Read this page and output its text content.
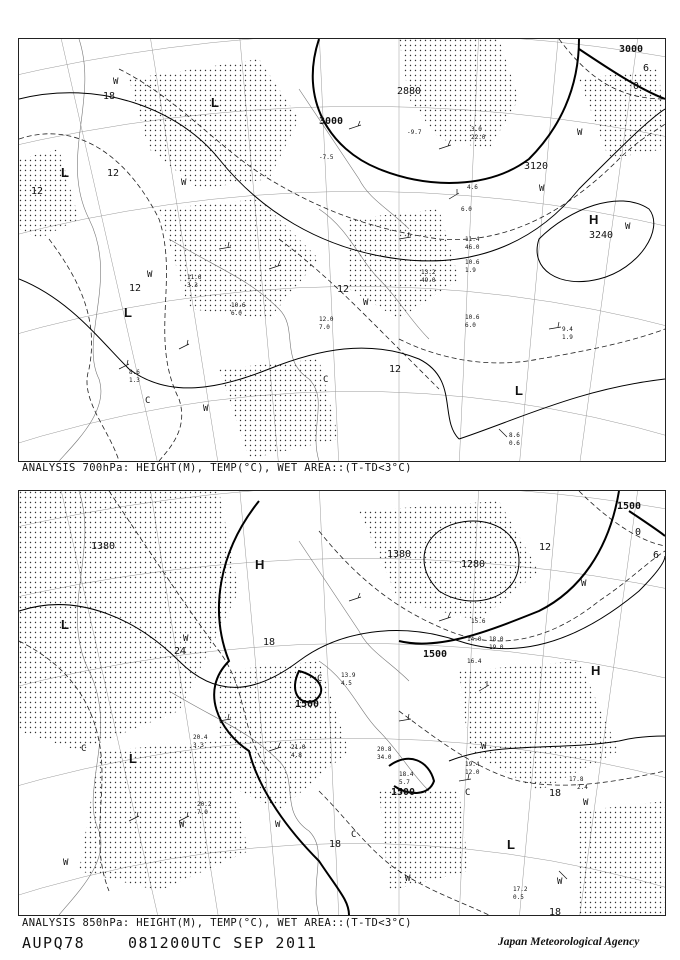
3000
2880
3000
3120
3240
12
18
12
12	12
12
6
0
L
L
L
H
L
W
W
W
W
W
W
W
C
C
W
-7.5
-9.7	3.0
22.0
4.6
6.0
11.4
46.0
10.6
1.9
13.2
49.0
8.6
0.6
9.4
1.9
10.6
6.0
11.6
3.3
10.6
6.0
8.6
1.3
12.0
7.0
ANALYSIS 700hPa: HEIGHT(M), TEMP(°C), WET AREA::(T-TD<3°C)
1500
1380
1380
1280
1500
1500
1500
24
18
12
18
18
18
0
6
H
L
L
H
L
W
W
W
W
W
W
W
W
W
C
C
C
C
15.6
14.0 18.0
16.4
19.0
20.8
34.0
18.4
5.7
19.4
12.0
17.8
2.4
17.2
0.5
20.4
3.3	21.0
4.8
13.9
4.5
20.2
7.0
ANALYSIS 850hPa: HEIGHT(M), TEMP(°C), WET AREA::(T-TD<3°C)
AUPQ78	081200UTC SEP 2011	Japan Meteorological Agency
